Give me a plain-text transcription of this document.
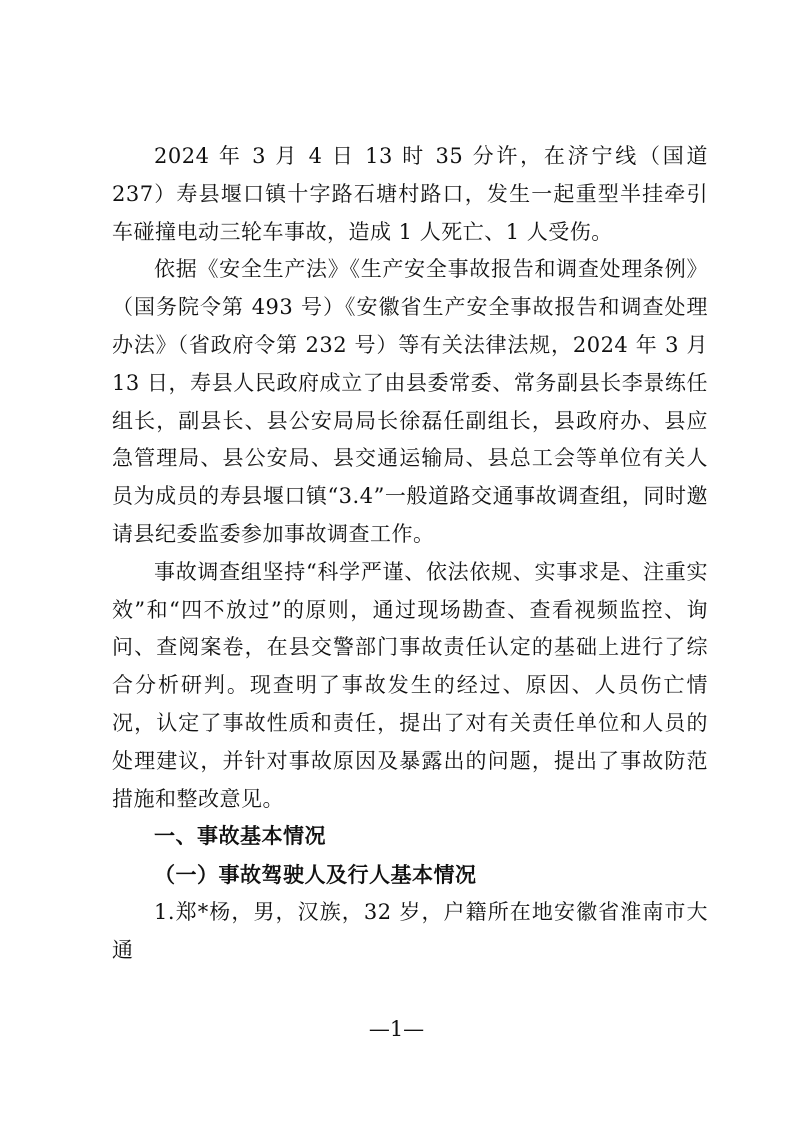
2024 年 3 月 4 日 13 时 35 分许，在济宁线（国道 237）寿县堰口镇十字路石塘村路口，发生一起重型半挂牵引车碰撞电动三轮车事故，造成 1 人死亡、1 人受伤。

依据《安全生产法》《生产安全事故报告和调查处理条例》（国务院令第 493 号）《安徽省生产安全事故报告和调查处理办法》（省政府令第 232 号）等有关法律法规，2024 年 3 月 13 日，寿县人民政府成立了由县委常委、常务副县长李景练任组长，副县长、县公安局局长徐磊任副组长，县政府办、县应急管理局、县公安局、县交通运输局、县总工会等单位有关人员为成员的寿县堰口镇“3.4”一般道路交通事故调查组，同时邀请县纪委监委参加事故调查工作。

事故调查组坚持“科学严谨、依法依规、实事求是、注重实效”和“四不放过”的原则，通过现场勘查、查看视频监控、询问、查阅案卷，在县交警部门事故责任认定的基础上进行了综合分析研判。现查明了事故发生的经过、原因、人员伤亡情况，认定了事故性质和责任，提出了对有关责任单位和人员的处理建议，并针对事故原因及暴露出的问题，提出了事故防范措施和整改意见。

一、事故基本情况

（一）事故驾驶人及行人基本情况

1.郑*杨，男，汉族，32 岁，户籍所在地安徽省淮南市大通

—1—
